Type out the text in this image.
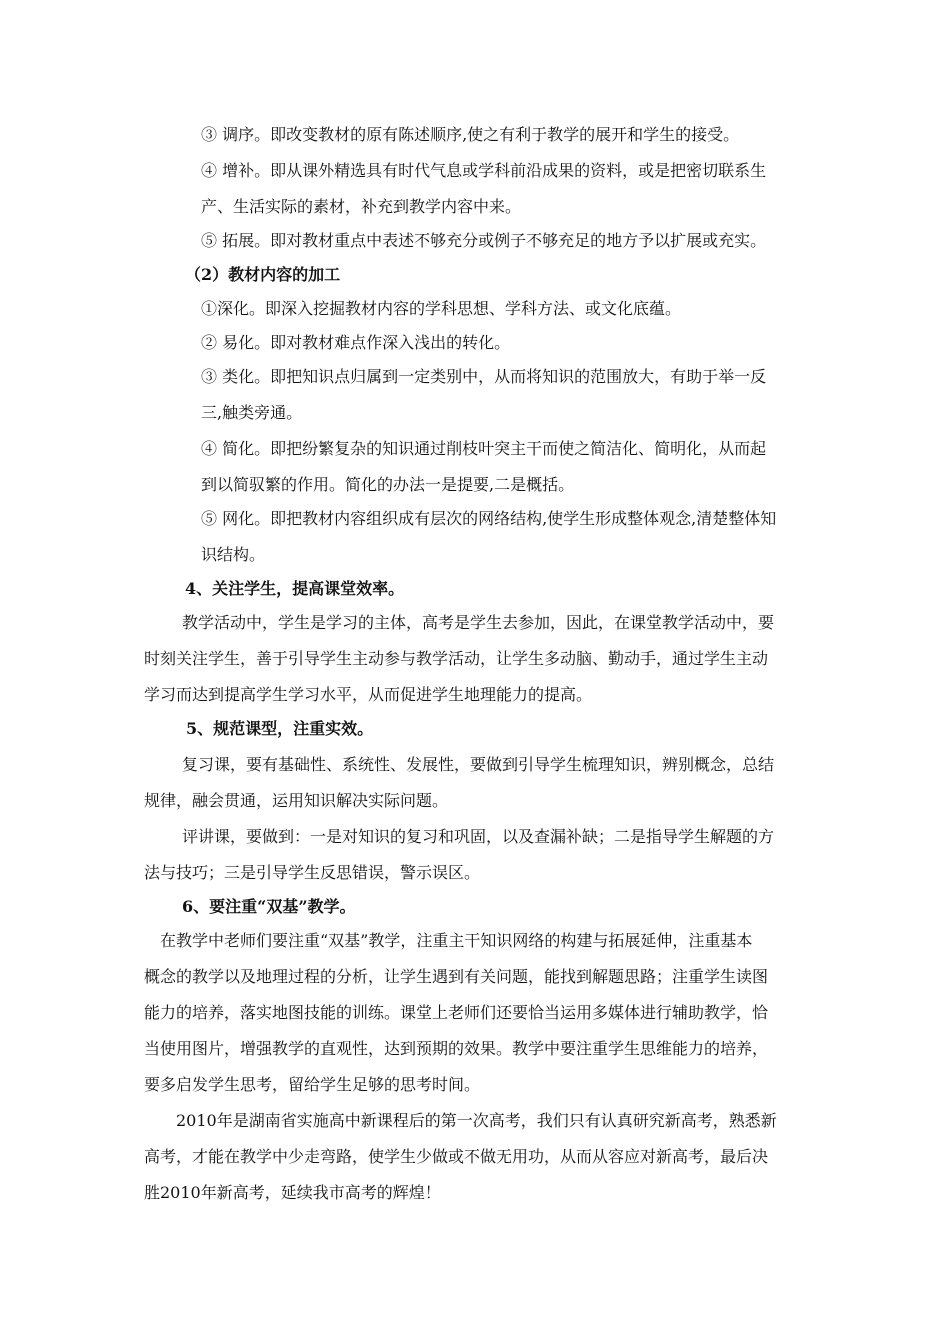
③ 调序。即改变教材的原有陈述顺序,使之有利于教学的展开和学生的接受。
④ 增补。即从课外精选具有时代气息或学科前沿成果的资料，或是把密切联系生
产、生活实际的素材，补充到教学内容中来。
⑤ 拓展。即对教材重点中表述不够充分或例子不够充足的地方予以扩展或充实。
（2）教材内容的加工
①深化。即深入挖掘教材内容的学科思想、学科方法、或文化底蕴。
② 易化。即对教材难点作深入浅出的转化。
③ 类化。即把知识点归属到一定类别中，从而将知识的范围放大，有助于举一反
三,触类旁通。
④ 简化。即把纷繁复杂的知识通过削枝叶突主干而使之简洁化、简明化，从而起
到以简驭繁的作用。简化的办法一是提要,二是概括。
⑤ 网化。即把教材内容组织成有层次的网络结构,使学生形成整体观念,清楚整体知
识结构。
4、关注学生，提高课堂效率。
教学活动中，学生是学习的主体，高考是学生去参加，因此，在课堂教学活动中，要
时刻关注学生，善于引导学生主动参与教学活动，让学生多动脑、勤动手，通过学生主动
学习而达到提高学生学习水平，从而促进学生地理能力的提高。
5、规范课型，注重实效。
复习课，要有基础性、系统性、发展性，要做到引导学生梳理知识，辨别概念，总结
规律，融会贯通，运用知识解决实际问题。
评讲课，要做到：一是对知识的复习和巩固，以及查漏补缺；二是指导学生解题的方
法与技巧；三是引导学生反思错误，警示误区。
6、要注重“双基”教学。
在教学中老师们要注重“双基”教学，注重主干知识网络的构建与拓展延伸，注重基本
概念的教学以及地理过程的分析，让学生遇到有关问题，能找到解题思路；注重学生读图
能力的培养，落实地图技能的训练。课堂上老师们还要恰当运用多媒体进行辅助教学，恰
当使用图片，增强教学的直观性，达到预期的效果。教学中要注重学生思维能力的培养，
要多启发学生思考，留给学生足够的思考时间。
2010年是湖南省实施高中新课程后的第一次高考，我们只有认真研究新高考，熟悉新
高考，才能在教学中少走弯路，使学生少做或不做无用功，从而从容应对新高考，最后决
胜2010年新高考，延续我市高考的辉煌！
